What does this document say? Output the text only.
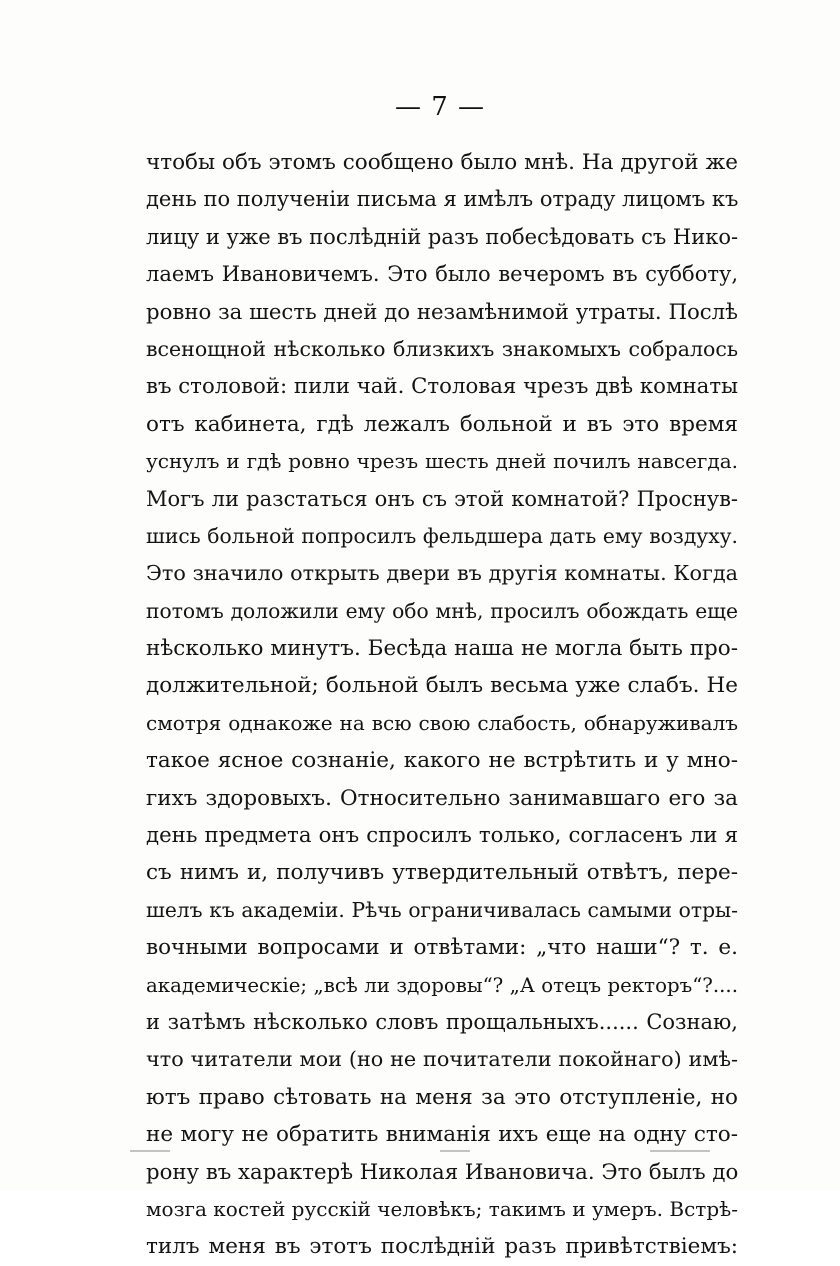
— 7 —
чтобы объ этомъ сообщено было мнѣ. На другой же
день по полученіи письма я имѣлъ отраду лицомъ къ
лицу и уже въ послѣдній разъ побесѣдовать съ Нико-
лаемъ Ивановичемъ. Это было вечеромъ въ субботу,
ровно за шесть дней до незамѣнимой утраты. Послѣ
всенощной нѣсколько близкихъ знакомыхъ собралось
въ столовой: пили чай. Столовая чрезъ двѣ комнаты
отъ кабинета, гдѣ лежалъ больной и въ это время
уснулъ и гдѣ ровно чрезъ шесть дней почилъ навсегда.
Могъ ли разстаться онъ съ этой комнатой? Проснув-
шись больной попросилъ фельдшера дать ему воздуху.
Это значило открыть двери въ другія комнаты. Когда
потомъ доложили ему обо мнѣ, просилъ обождать еще
нѣсколько минутъ. Бесѣда наша не могла быть про-
должительной; больной былъ весьма уже слабъ. Не
смотря однакоже на всю свою слабость, обнаруживалъ
такое ясное сознаніе, какого не встрѣтить и у мно-
гихъ здоровыхъ. Относительно занимавшаго его за
день предмета онъ спросилъ только, согласенъ ли я
съ нимъ и, получивъ утвердительный отвѣтъ, пере-
шелъ къ академіи. Рѣчь ограничивалась самыми отры-
вочными вопросами и отвѣтами: „что наши“? т. е.
академическіе; „всѣ ли здоровы“? „А отецъ ректоръ“?....
и затѣмъ нѣсколько словъ прощальныхъ...... Сознаю,
что читатели мои (но не почитатели покойнаго) имѣ-
ютъ право сѣтовать на меня за это отступленіе, но
не могу не обратить вниманія ихъ еще на одну сто-
рону въ характерѣ Николая Ивановича. Это былъ до
мозга костей русскій человѣкъ; такимъ и умеръ. Встрѣ-
тилъ меня въ этотъ послѣдній разъ привѣтствіемъ:
